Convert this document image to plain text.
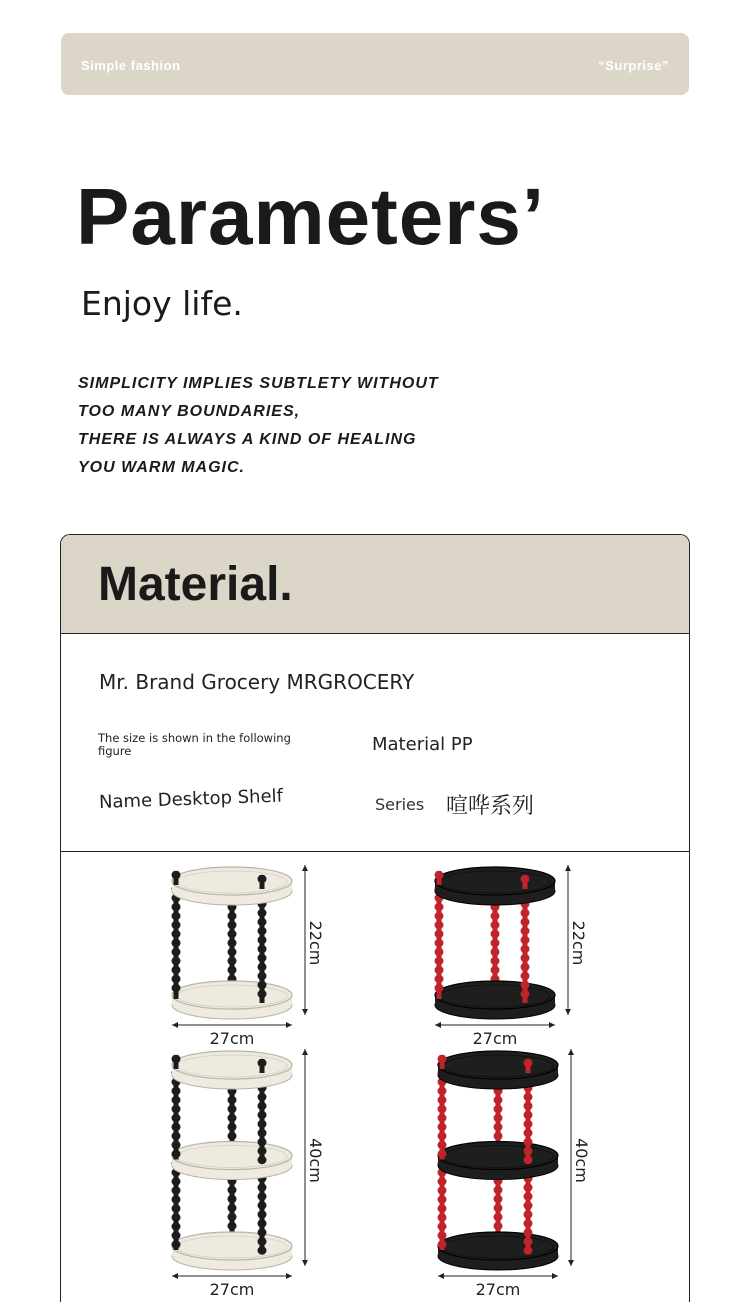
Simple fashion	“Surprise”
Parameters’
Enjoy life.
SIMPLICITY IMPLIES SUBTLETY WITHOUT
TOO MANY BOUNDARIES,
THERE IS ALWAYS A KIND OF HEALING
YOU WARM MAGIC.
Material.
Mr. Brand Grocery MRGROCERY
The size is shown in the following figure	Material PP
Name Desktop Shelf	Series 喧哗系列
22cm
27cm
22cm
27cm
40cm
27cm
40cm
27cm
